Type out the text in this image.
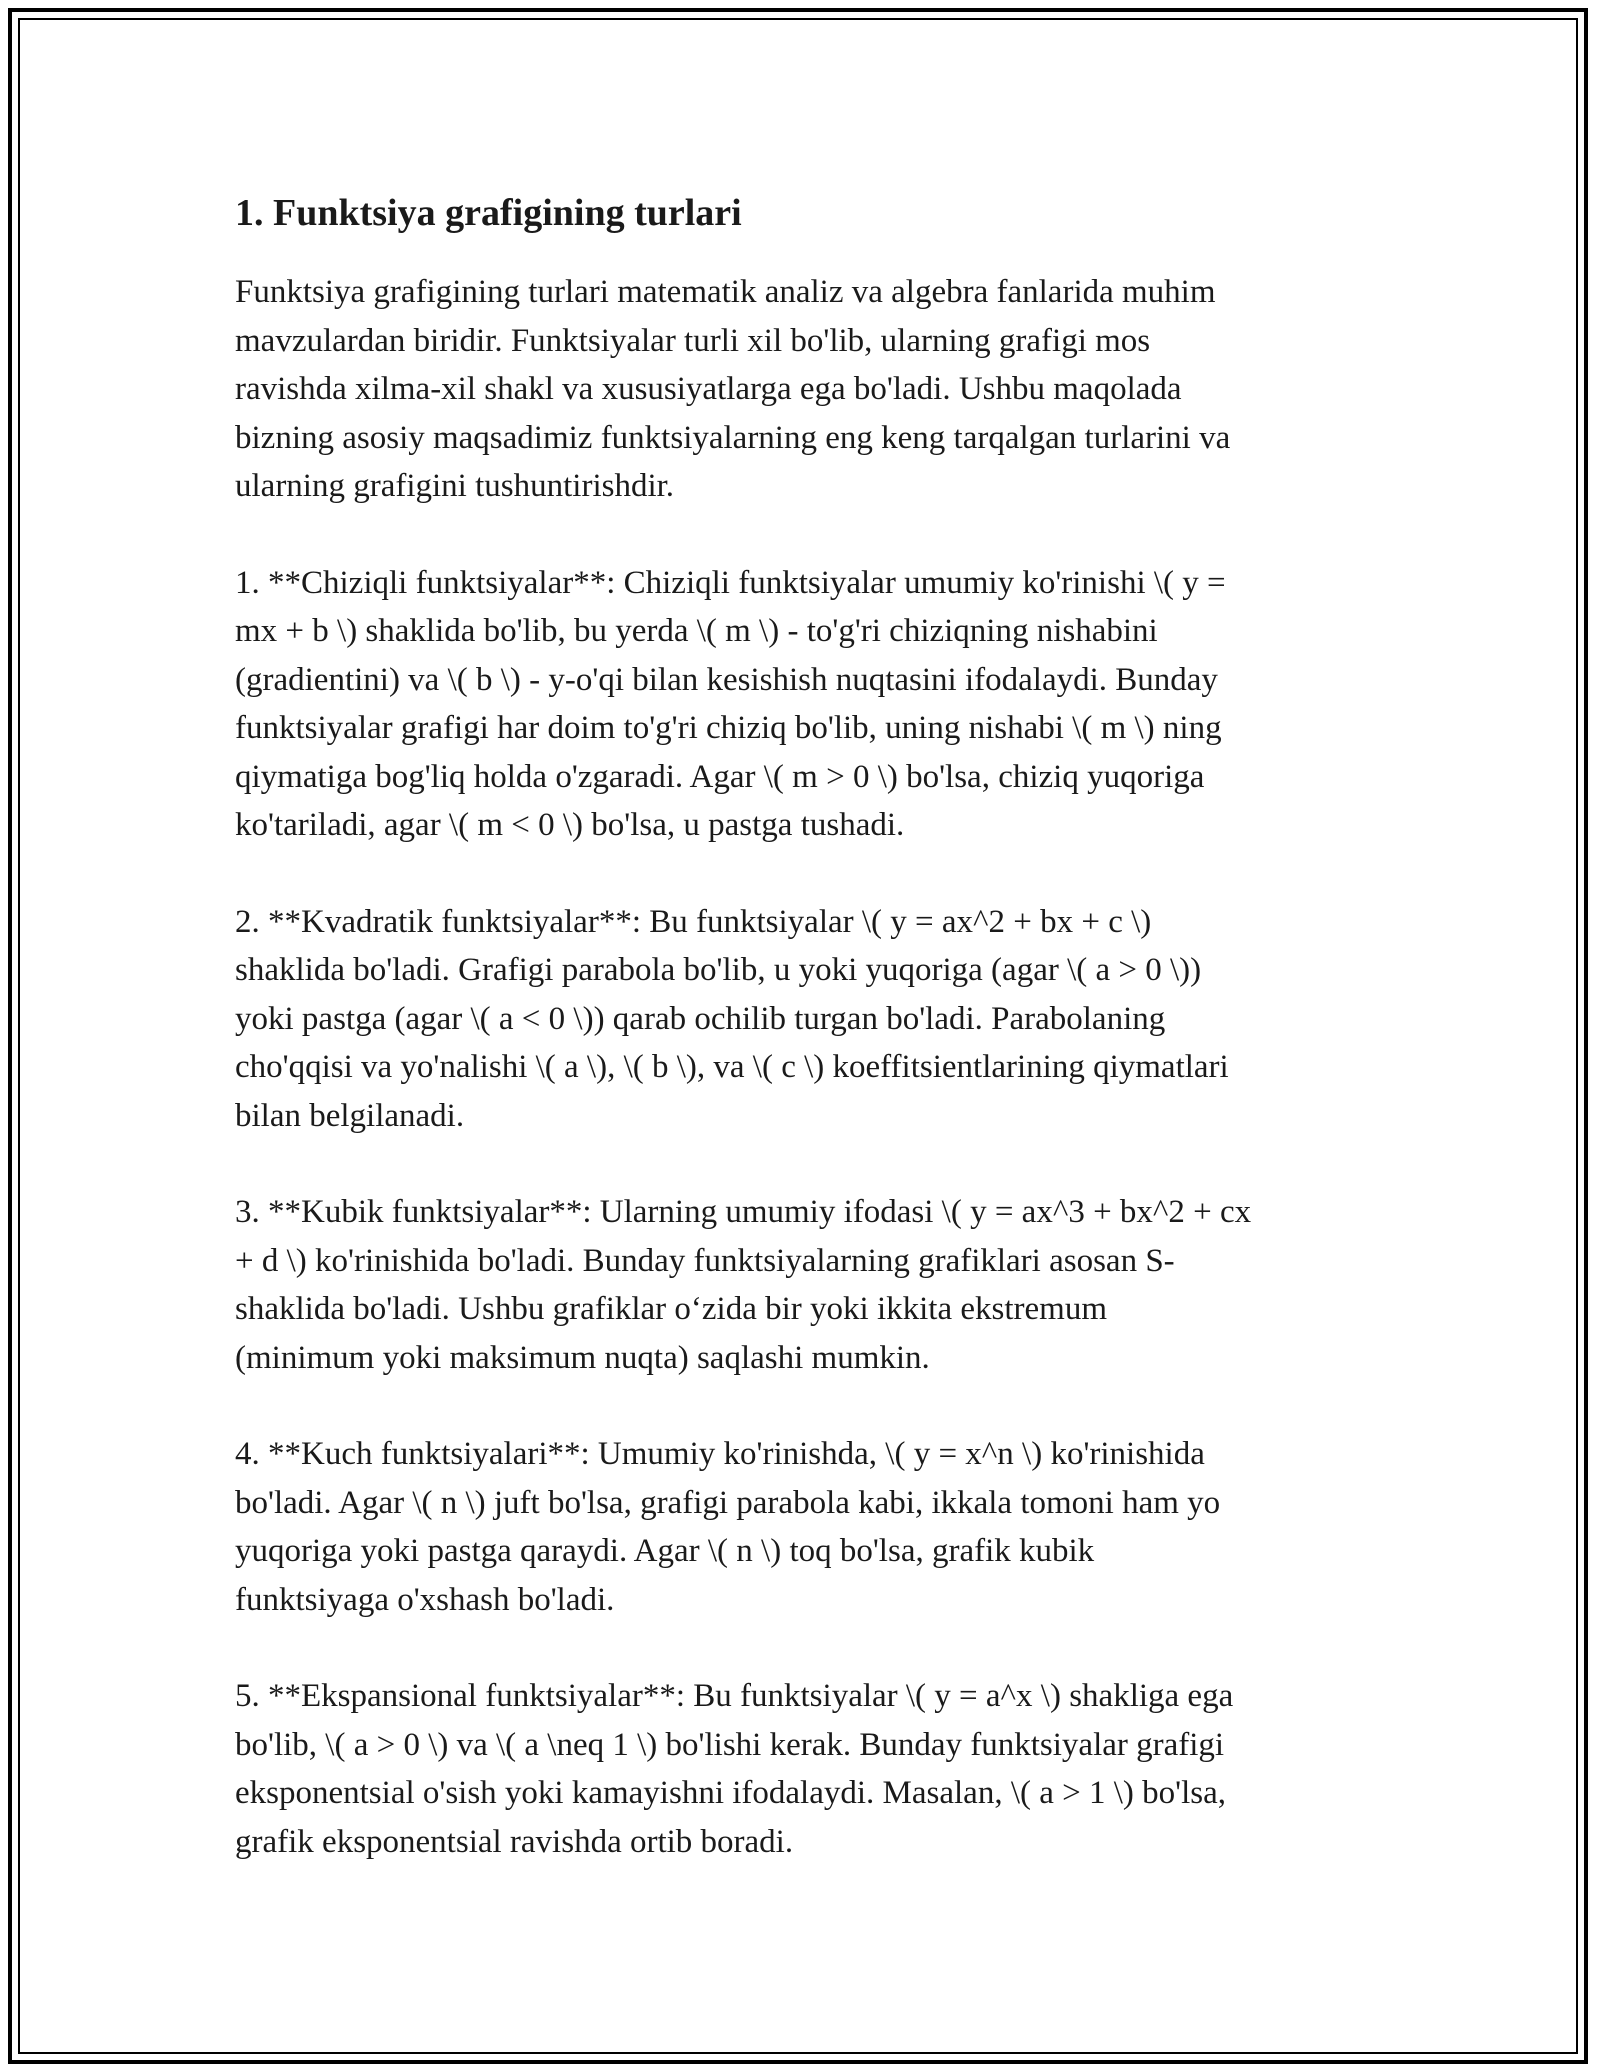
1. Funktsiya grafigining turlari

Funktsiya grafigining turlari matematik analiz va algebra fanlarida muhim
mavzulardan biridir. Funktsiyalar turli xil bo'lib, ularning grafigi mos
ravishda xilma-xil shakl va xususiyatlarga ega bo'ladi. Ushbu maqolada
bizning asosiy maqsadimiz funktsiyalarning eng keng tarqalgan turlarini va
ularning grafigini tushuntirishdir.

1. **Chiziqli funktsiyalar**: Chiziqli funktsiyalar umumiy ko'rinishi \( y =
mx + b \) shaklida bo'lib, bu yerda \( m \) - to'g'ri chiziqning nishabini
(gradientini) va \( b \) - y-o'qi bilan kesishish nuqtasini ifodalaydi. Bunday
funktsiyalar grafigi har doim to'g'ri chiziq bo'lib, uning nishabi \( m \) ning
qiymatiga bog'liq holda o'zgaradi. Agar \( m > 0 \) bo'lsa, chiziq yuqoriga
ko'tariladi, agar \( m < 0 \) bo'lsa, u pastga tushadi.

2. **Kvadratik funktsiyalar**: Bu funktsiyalar \( y = ax^2 + bx + c \)
shaklida bo'ladi. Grafigi parabola bo'lib, u yoki yuqoriga (agar \( a > 0 \))
yoki pastga (agar \( a < 0 \)) qarab ochilib turgan bo'ladi. Parabolaning
cho'qqisi va yo'nalishi \( a \), \( b \), va \( c \) koeffitsientlarining qiymatlari
bilan belgilanadi.

3. **Kubik funktsiyalar**: Ularning umumiy ifodasi \( y = ax^3 + bx^2 + cx
+ d \) ko'rinishida bo'ladi. Bunday funktsiyalarning grafiklari asosan S-
shaklida bo'ladi. Ushbu grafiklar o‘zida bir yoki ikkita ekstremum
(minimum yoki maksimum nuqta) saqlashi mumkin.

4. **Kuch funktsiyalari**: Umumiy ko'rinishda, \( y = x^n \) ko'rinishida
bo'ladi. Agar \( n \) juft bo'lsa, grafigi parabola kabi, ikkala tomoni ham yo
yuqoriga yoki pastga qaraydi. Agar \( n \) toq bo'lsa, grafik kubik
funktsiyaga o'xshash bo'ladi.

5. **Ekspansional funktsiyalar**: Bu funktsiyalar \( y = a^x \) shakliga ega
bo'lib, \( a > 0 \) va \( a \neq 1 \) bo'lishi kerak. Bunday funktsiyalar grafigi
eksponentsial o'sish yoki kamayishni ifodalaydi. Masalan, \( a > 1 \) bo'lsa,
grafik eksponentsial ravishda ortib boradi.
